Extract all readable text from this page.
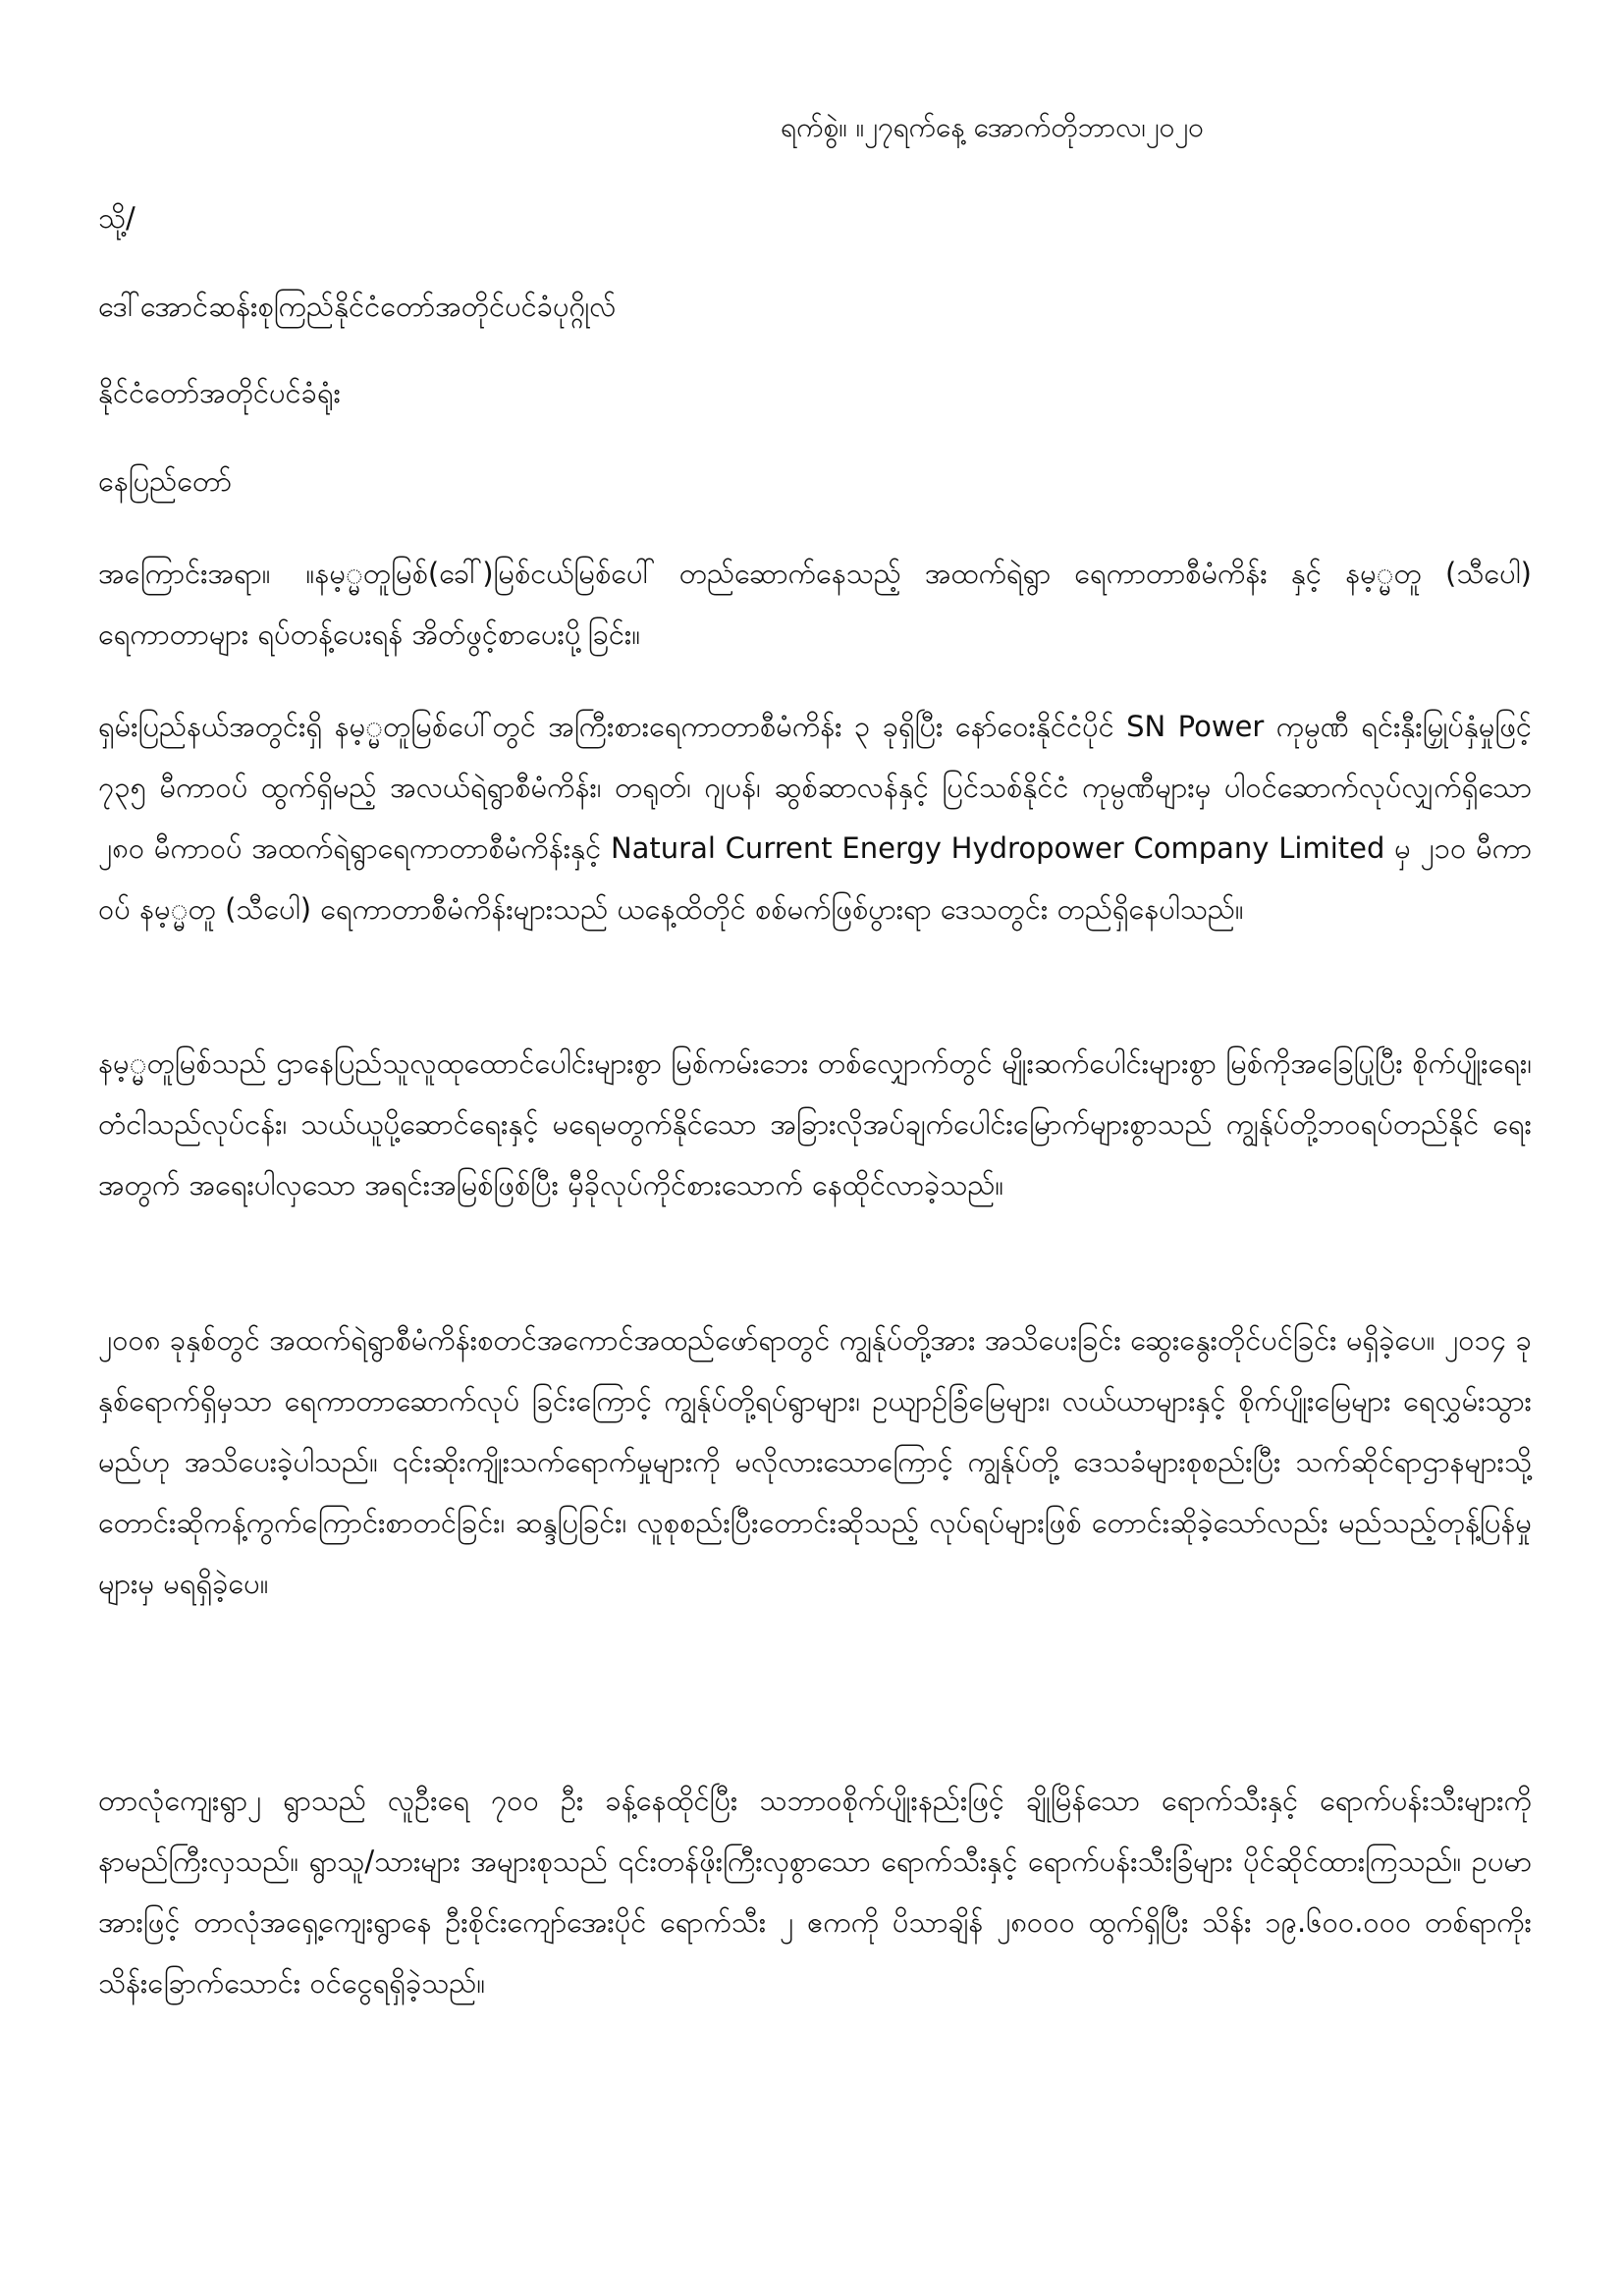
ရက်စွဲ။ ။၂၇ရက်နေ့ အောက်တိုဘာလ၊၂၀၂၀
သို့/
ဒေါ်အောင်ဆန်းစုကြည်နိုင်ငံတော်အတိုင်ပင်ခံပုဂ္ဂိုလ်
နိုင်ငံတော်အတိုင်ပင်ခံရုံး
နေပြည်တော်
အကြောင်းအရာ။ ။နမ့္မတူမြစ်(ခေါ်)မြစ်ငယ်မြစ်ပေါ် တည်ဆောက်နေသည့် အထက်ရဲရွာ ရေကာတာစီမံကိန်း နှင့် နမ့္မတူ (သီပေါ) ရေကာတာများ ရပ်တန့်ပေးရန် အိတ်ဖွင့်စာပေးပို့ခြင်း။
ရှမ်းပြည်နယ်အတွင်းရှိ နမ့္မတူမြစ်ပေါ်တွင် အကြီးစားရေကာတာစီမံကိန်း ၃ ခုရှိပြီး နော်ဝေးနိုင်ငံပိုင် SN Power ကုမ္ပဏီ ရင်းနှီးမြှုပ်နှံမှုဖြင့် ၇၃၅ မီကာဝပ် ထွက်ရှိမည့် အလယ်ရဲရွာစီမံကိန်း၊ တရုတ်၊ ဂျပန်၊ ဆွစ်ဆာလန်နှင့် ပြင်သစ်နိုင်ငံ ကုမ္ပဏီများမှ ပါဝင်ဆောက်လုပ်လျှက်ရှိသော ၂၈၀ မီကာဝပ် အထက်ရဲရွာရေကာတာစီမံကိန်းနှင့် Natural Current Energy Hydropower Company Limited မှ ၂၁၀ မီကာဝပ် နမ့္မတူ (သီပေါ) ရေကာတာစီမံကိန်းများသည် ယနေ့ထိတိုင် စစ်မက်ဖြစ်ပွားရာ ဒေသတွင်း တည်ရှိနေပါသည်။
နမ့္မတူမြစ်သည် ဌာနေပြည်သူလူထုထောင်ပေါင်းများစွာ မြစ်ကမ်းဘေး တစ်လျှောက်တွင် မျိုးဆက်ပေါင်းများစွာ မြစ်ကိုအခြေပြုပြီး စိုက်ပျိုးရေး၊ တံငါသည်လုပ်ငန်း၊ သယ်ယူပို့ဆောင်ရေးနှင့် မရေမတွက်နိုင်သော အခြားလိုအပ်ချက်ပေါင်းမြောက်များစွာသည် ကျွန်ုပ်တို့ဘဝရပ်တည်နိုင် ရေးအတွက် အရေးပါလှသော အရင်းအမြစ်ဖြစ်ပြီး မှီခိုလုပ်ကိုင်စားသောက် နေထိုင်လာခဲ့သည်။
၂၀၀၈ ခုနှစ်တွင် အထက်ရဲရွာစီမံကိန်းစတင်အကောင်အထည်ဖော်ရာတွင် ကျွန်ုပ်တို့အား အသိပေးခြင်း ဆွေးနွေးတိုင်ပင်ခြင်း မရှိခဲ့ပေ။ ၂၀၁၄ ခုနှစ်ရောက်ရှိမှသာ ရေကာတာဆောက်လုပ် ခြင်းကြောင့် ကျွန်ုပ်တို့ရပ်ရွာများ၊ ဥယျာဉ်ခြံမြေများ၊ လယ်ယာများနှင့် စိုက်ပျိုးမြေများ ရေလွှမ်းသွား မည်ဟု အသိပေးခဲ့ပါသည်။ ၎င်းဆိုးကျိုးသက်ရောက်မှုများကို မလိုလားသောကြောင့် ကျွန်ုပ်တို့ ဒေသခံများစုစည်းပြီး သက်ဆိုင်ရာဌာနများသို့ တောင်းဆိုကန့်ကွက်ကြောင်းစာတင်ခြင်း၊ ဆန္ဒပြခြင်း၊ လူစုစည်းပြီးတောင်းဆိုသည့် လုပ်ရပ်များဖြစ် တောင်းဆိုခဲ့သော်လည်း မည်သည့်တုန့်ပြန်မှု များမှ မရရှိခဲ့ပေ။
တာလုံကျေးရွာ၂ ရွာသည် လူဦးရေ ၇၀၀ ဦး ခန့်နေထိုင်ပြီး သဘာဝစိုက်ပျိုးနည်းဖြင့် ချိုမြိန်သော ရောက်သီးနှင့် ရောက်ပန်းသီးများကို နာမည်ကြီးလှသည်။ ရွာသူ/သားများ အများစုသည် ၎င်းတန်ဖိုးကြီးလှစွာသော ရောက်သီးနှင့် ရောက်ပန်းသီးခြံများ ပိုင်ဆိုင်ထားကြသည်။ ဥပမာ အားဖြင့် တာလုံအရှေ့ကျေးရွာနေ ဦးစိုင်းကျော်အေးပိုင် ရောက်သီး ၂ ဧကကို ပိသာချိန် ၂၈၀၀၀ ထွက်ရှိပြီး သိန်း ၁၉.၆၀၀.၀၀၀ တစ်ရာကိုးသိန်းခြောက်သောင်း ဝင်ငွေရရှိခဲ့သည်။
